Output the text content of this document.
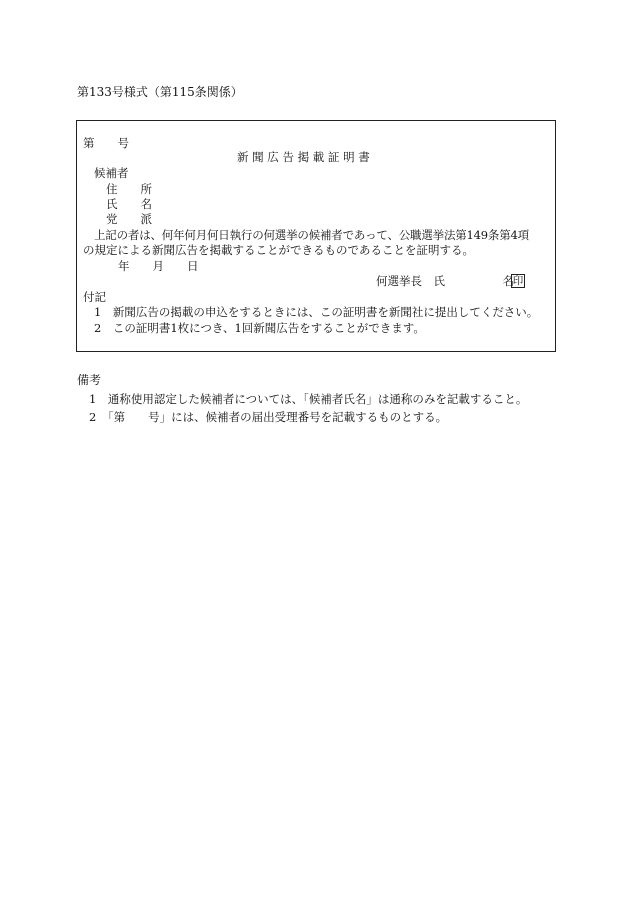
第133号様式（第115条関係）
第　　号
新 聞 広 告 掲 載 証 明 書
候補者
住　　所
氏　　名
党　　派
上記の者は、何年何月何日執行の何選挙の候補者であって、公職選挙法第149条第4項
の規定による新聞広告を掲載することができるものであることを証明する。
年　　月　　日
何選挙長　氏　　　　　名
印
付記
1　新聞広告の掲載の申込をするときには、この証明書を新聞社に提出してください。
2　この証明書1枚につき、1回新聞広告をすることができます。
備考
1　通称使用認定した候補者については、「候補者氏名」は通称のみを記載すること。
2　「第　　号」には、候補者の届出受理番号を記載するものとする。
